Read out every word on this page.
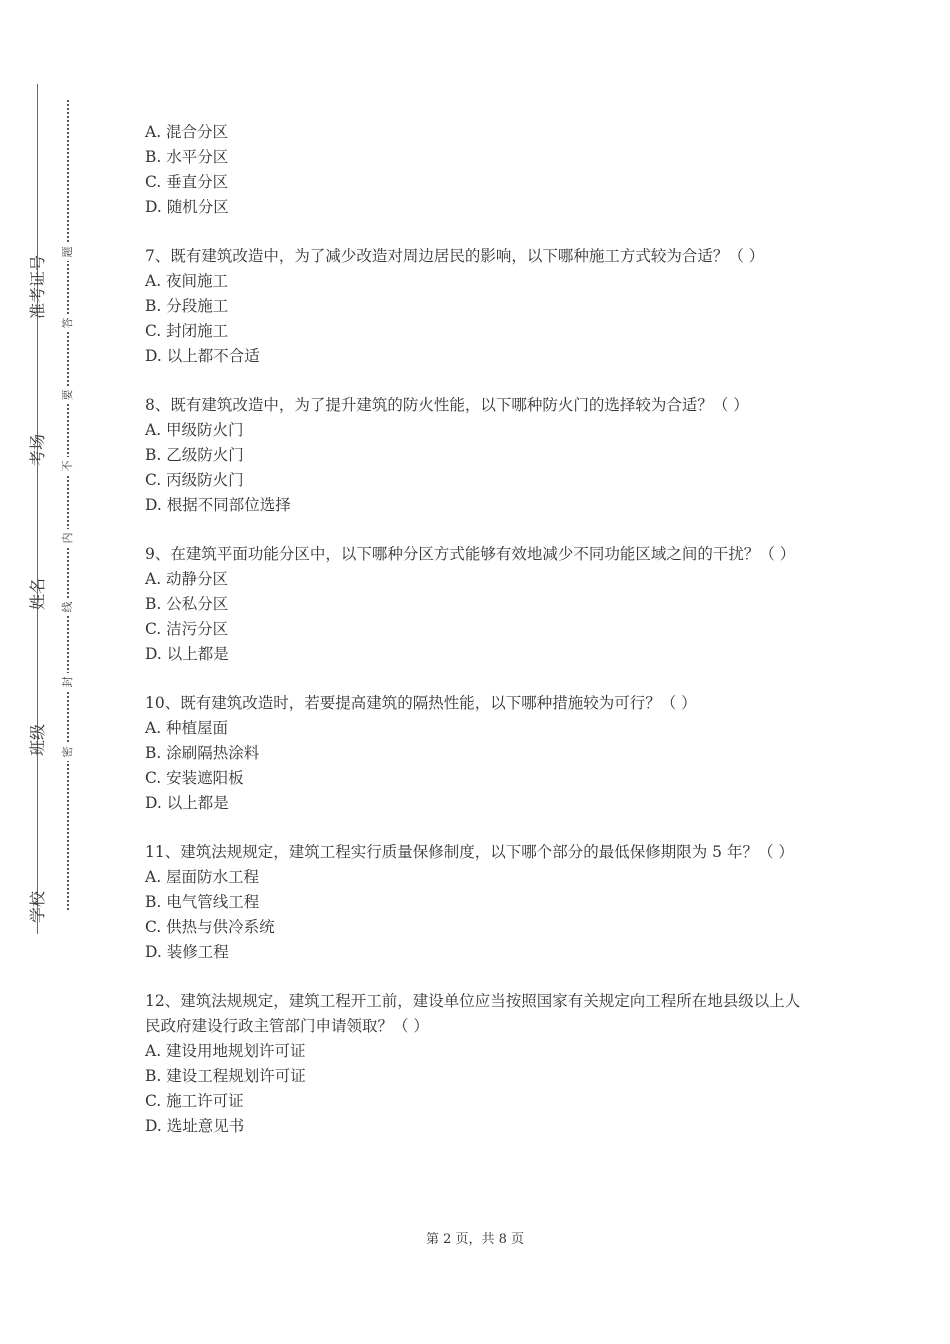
学校
班级
姓名
考场
准考证号
密
封
线
内
不
要
答
题

A. 混合分区

B. 水平分区

C. 垂直分区

D. 随机分区

7、既有建筑改造中，为了减少改造对周边居民的影响，以下哪种施工方式较为合适？（ ）

A. 夜间施工

B. 分段施工

C. 封闭施工

D. 以上都不合适

8、既有建筑改造中，为了提升建筑的防火性能，以下哪种防火门的选择较为合适？（ ）

A. 甲级防火门

B. 乙级防火门

C. 丙级防火门

D. 根据不同部位选择

9、在建筑平面功能分区中，以下哪种分区方式能够有效地减少不同功能区域之间的干扰？（ ）

A. 动静分区

B. 公私分区

C. 洁污分区

D. 以上都是

10、既有建筑改造时，若要提高建筑的隔热性能，以下哪种措施较为可行？（ ）

A. 种植屋面

B. 涂刷隔热涂料

C. 安装遮阳板

D. 以上都是

11、建筑法规规定，建筑工程实行质量保修制度，以下哪个部分的最低保修期限为 5 年？（ ）

A. 屋面防水工程

B. 电气管线工程

C. 供热与供冷系统

D. 装修工程

12、建筑法规规定，建筑工程开工前，建设单位应当按照国家有关规定向工程所在地县级以上人民政府建设行政主管部门申请领取？（ ）

A. 建设用地规划许可证

B. 建设工程规划许可证

C. 施工许可证

D. 选址意见书

第 2 页，共 8 页
